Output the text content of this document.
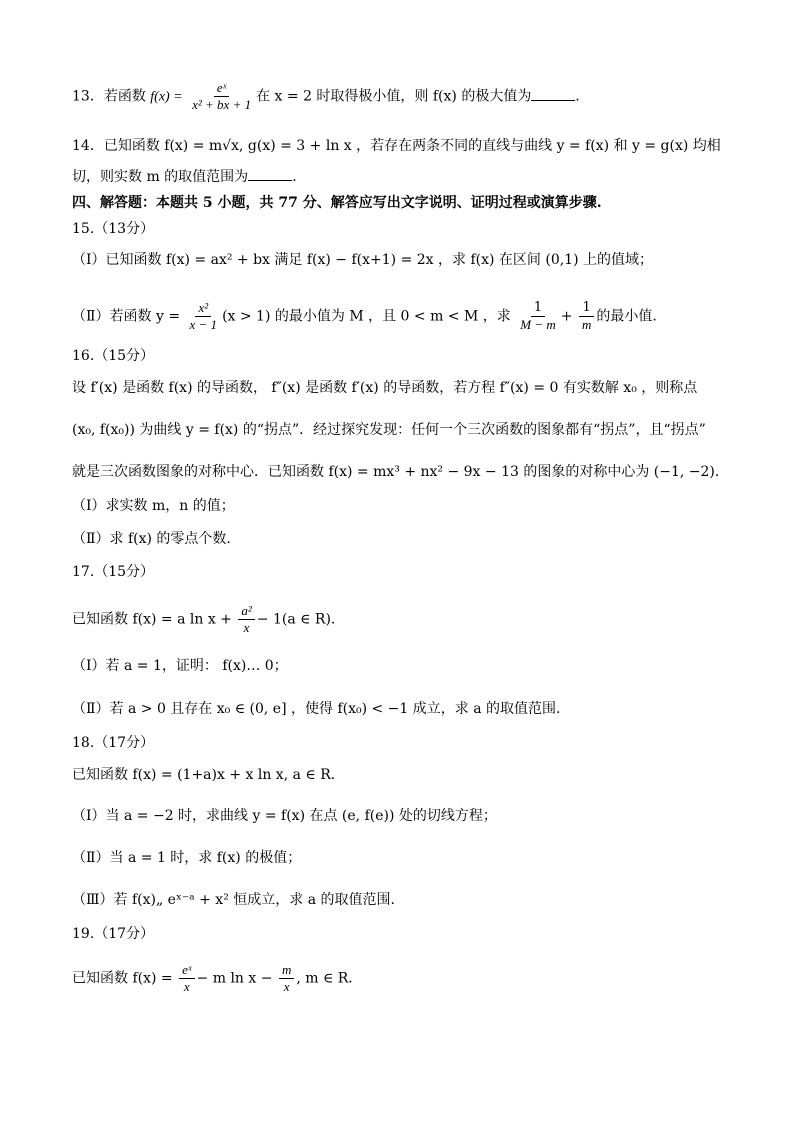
13．若函数 $f(x) = \frac{\text{eˣ}}{\text{x² + bx + 1}}$ 在 x = 2 时取得极小值，则 f(x) 的极大值为	．
14．已知函数 f(x) = m√x, g(x) = 3 + ln x ，若存在两条不同的直线与曲线 y = f(x) 和 y = g(x) 均相
切，则实数 m 的取值范围为	.
四、解答题：本题共 5 小题，共 77 分、解答应写出文字说明、证明过程或演算步骤.
15.（13分）
（Ⅰ）已知函数 f(x) = ax² + bx 满足 f(x) − f(x+1) = 2x ，求 f(x) 在区间 (0,1) 上的值域；
（Ⅱ）若函数 $y = \frac{\text{x²}}{x - 1} (x > 1)$ 的最小值为 M ，且 0 < m < M ，求 $\frac{1}{M - m} + \frac{1}{m}$ 的最小值.
16.（15分）
设 f′(x) 是函数 f(x) 的导函数， f″(x) 是函数 f′(x) 的导函数，若方程 f″(x) = 0 有实数解 x₀ ，则称点
(x₀, f(x₀)) 为曲线 y = f(x) 的“拐点”．经过探究发现：任何一个三次函数的图象都有“拐点”，且“拐点”
就是三次函数图象的对称中心．已知函数 f(x) = mx³ + nx² − 9x − 13 的图象的对称中心为 (−1, −2)．
（Ⅰ）求实数 m，n 的值；
（Ⅱ）求 f(x) 的零点个数.
17.（15分）
已知函数 f(x) = a $\ln x + \frac{\text{a²}}{x} - 1(a$ ∈ R).
（Ⅰ）若 a = 1，证明： f(x)… 0；
（Ⅱ）若 a > 0 且存在 x₀ ∈ (0, e] ，使得 f(x₀) < −1 成立，求 a 的取值范围.
18.（17分）
已知函数 f(x) = (1+a)x + x ln x, a ∈ R．
（Ⅰ）当 a = −2 时，求曲线 y = f(x) 在点 (e, f(e)) 处的切线方程；
（Ⅱ）当 a = 1 时，求 f(x) 的极值；
（Ⅲ）若 f(x)„ eˣ⁻ᵃ + x² 恒成立，求 a 的取值范围.
19.（17分）
已知函数 $f(x) = \frac{\text{eˣ}}{x} - m$ $\ln x - \frac{m}{x}$ , m ∈ R．
